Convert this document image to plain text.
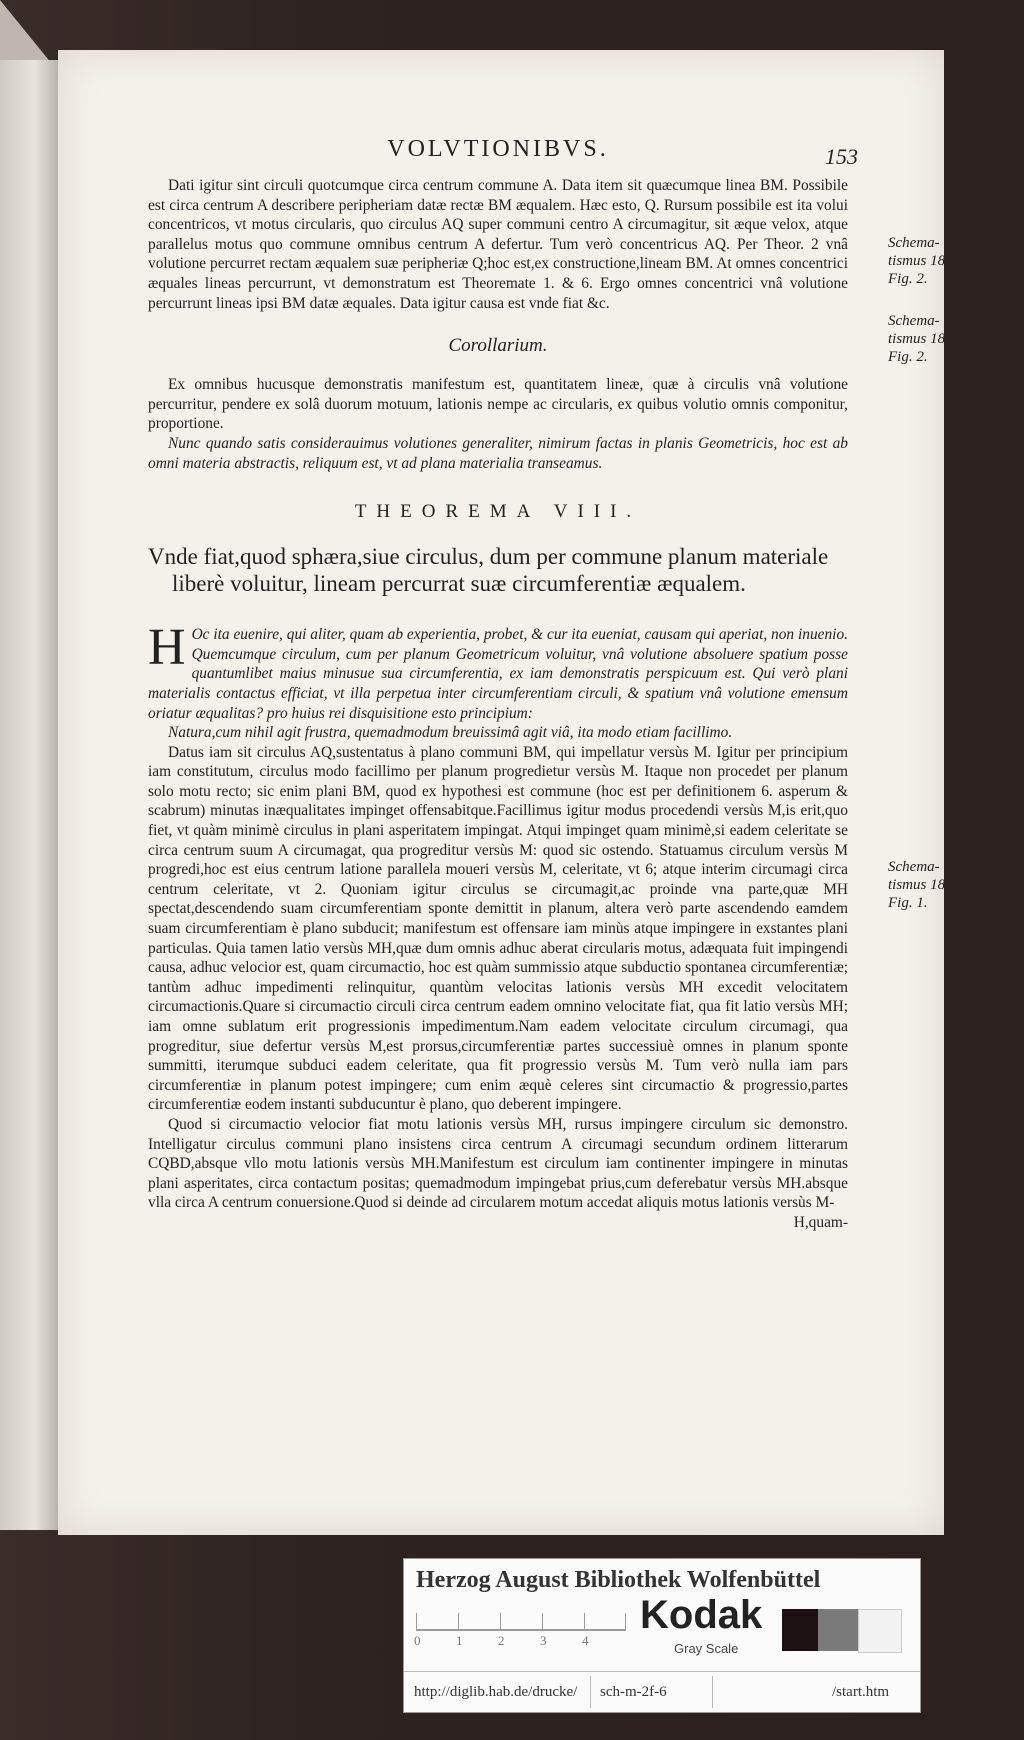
VOLVTIONIBVS.	153

Dati igitur sint circuli quotcumque circa centrum commune A. Data item sit quæcumque linea BM. Possibile est circa centrum A describere peripheriam datæ rectæ BM æqualem. Hæc esto, Q. Rursum possibile est ita volui concentricos, vt motus circularis, quo circulus AQ super communi centro A circumagitur, sit æque velox, atque parallelus motus quo commune omnibus centrum A defertur. Tum verò concentricus AQ. Per Theor. 2 vnâ volutione percurret rectam æqualem suæ peripheriæ Q;hoc est,ex constructione,lineam BM. At omnes concentrici æquales lineas percurrunt, vt demonstratum est Theoremate 1. & 6. Ergo omnes concentrici vnâ volutione percurrunt lineas ipsi BM datæ æquales. Data igitur causa est vnde fiat &c.

Corollarium.

Ex omnibus hucusque demonstratis manifestum est, quantitatem lineæ, quæ à circulis vnâ volutione percurritur, pendere ex solâ duorum motuum, lationis nempe ac circularis, ex quibus volutio omnis componitur, proportione.

Nunc quando satis considerauimus volutiones generaliter, nimirum factas in planis Geometricis, hoc est ab omni materia abstractis, reliquum est, vt ad plana materialia transeamus.

THEOREMA VIII.

Vnde fiat,quod sphæra,siue circulus, dum per commune planum materiale liberè voluitur, lineam percurrat suæ circumferentiæ æqualem.

H Oc ita euenire, qui aliter, quam ab experientia, probet, & cur ita eueniat, causam qui aperiat, non inuenio. Quemcumque circulum, cum per planum Geometricum voluitur, vnâ volutione absoluere spatium posse quantumlibet maius minusue sua circumferentia, ex iam demonstratis perspicuum est. Qui verò plani materialis contactus efficiat, vt illa perpetua inter circumferentiam circuli, & spatium vnâ volutione emensum oriatur æqualitas? pro huius rei disquisitione esto principium:

Natura,cum nihil agit frustra, quemadmodum breuissimâ agit viâ, ita modo etiam facillimo.

Datus iam sit circulus AQ,sustentatus à plano communi BM, qui impellatur versùs M. Igitur per principium iam constitutum, circulus modo facillimo per planum progredietur versùs M. Itaque non procedet per planum solo motu recto; sic enim plani BM, quod ex hypothesi est commune (hoc est per definitionem 6. asperum & scabrum) minutas inæqualitates impinget offensabitque.Facillimus igitur modus procedendi versùs M,is erit,quo fiet, vt quàm minimè circulus in plani asperitatem impingat. Atqui impinget quam minimè,si eadem celeritate se circa centrum suum A circumagat, qua progreditur versùs M: quod sic ostendo. Statuamus circulum versùs M progredi,hoc est eius centrum latione parallela moueri versùs M, celeritate, vt 6; atque interim circumagi circa centrum celeritate, vt 2. Quoniam igitur circulus se circumagit,ac proinde vna parte,quæ MH spectat,descendendo suam circumferentiam sponte demittit in planum, altera verò parte ascendendo eamdem suam circumferentiam è plano subducit; manifestum est offensare iam minùs atque impingere in exstantes plani particulas. Quia tamen latio versùs MH,quæ dum omnis adhuc aberat circularis motus, adæquata fuit impingendi causa, adhuc velocior est, quam circumactio, hoc est quàm summissio atque subductio spontanea circumferentiæ; tantùm adhuc impedimenti relinquitur, quantùm velocitas lationis versùs MH excedit velocitatem circumactionis.Quare si circumactio circuli circa centrum eadem omnino velocitate fiat, qua fit latio versùs MH; iam omne sublatum erit progressionis impedimentum.Nam eadem velocitate circulum circumagi, qua progreditur, siue defertur versùs M,est prorsus,circumferentiæ partes successiuè omnes in planum sponte summitti, iterumque subduci eadem celeritate, qua fit progressio versùs M. Tum verò nulla iam pars circumferentiæ in planum potest impingere; cum enim æquè celeres sint circumactio & progressio,partes circumferentiæ eodem instanti subducuntur è plano, quo deberent impingere.

Quod si circumactio velocior fiat motu lationis versùs MH, rursus impingere circulum sic demonstro. Intelligatur circulus communi plano insistens circa centrum A circumagi secundum ordinem litterarum CQBD,absque vllo motu lationis versùs MH.Manifestum est circulum iam continenter impingere in minutas plani asperitates, circa contactum positas; quemadmodum impingebat prius,cum deferebatur versùs MH.absque vlla circa A centrum conuersione.Quod si deinde ad circularem motum accedat aliquis motus lationis versùs M-

H,quam-
Schema-tismus 18 Fig. 2.
Schema-tismus 18 Fig. 2.
Schema-tismus 18 Fig. 1.
Herzog August Bibliothek Wolfenbüttel
0	1	2	3	4
Kodak
Gray Scale
http://diglib.hab.de/drucke/ sch-m-2f-6	/start.htm
